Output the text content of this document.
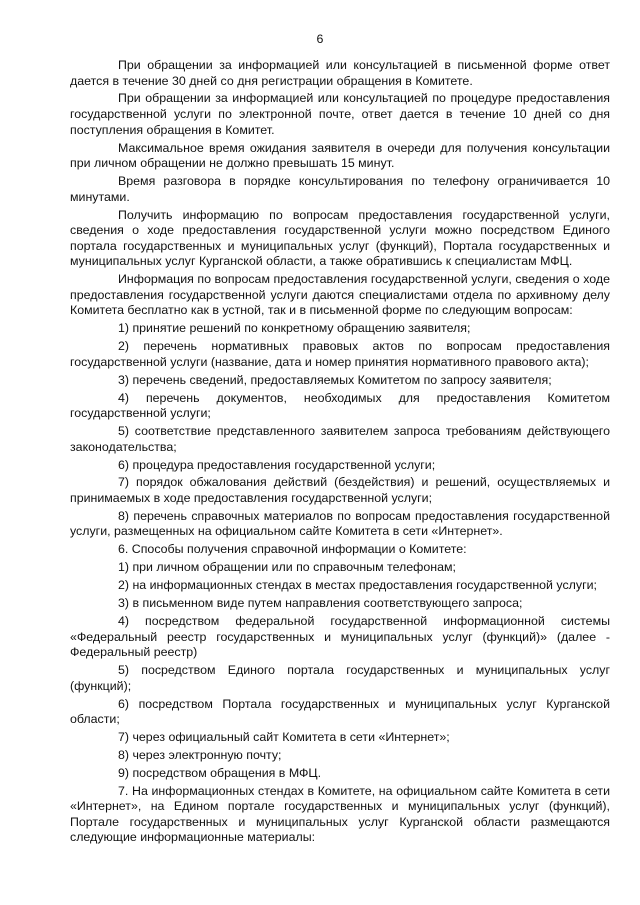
6

При обращении за информацией или консультацией в письменной форме ответ дается в течение 30 дней со дня регистрации обращения в Комитете.

При обращении за информацией или консультацией по процедуре предоставления государственной услуги по электронной почте, ответ дается в течение 10 дней со дня поступления обращения в Комитет.

Максимальное время ожидания заявителя в очереди для получения консультации при личном обращении не должно превышать 15 минут.

Время разговора в порядке консультирования по телефону ограничивается 10 минутами.

Получить информацию по вопросам предоставления государственной услуги, сведения о ходе предоставления государственной услуги можно посредством Единого портала государственных и муниципальных услуг (функций), Портала государственных и муниципальных услуг Курганской области, а также обратившись к специалистам МФЦ.

Информация по вопросам предоставления государственной услуги, сведения о ходе предоставления государственной услуги даются специалистами отдела по архивному делу Комитета бесплатно как в устной, так и в письменной форме по следующим вопросам:

1) принятие решений по конкретному обращению заявителя;

2) перечень нормативных правовых актов по вопросам предоставления государственной услуги (название, дата и номер принятия нормативного правового акта);

3) перечень сведений, предоставляемых Комитетом по запросу заявителя;

4) перечень документов, необходимых для предоставления Комитетом государственной услуги;

5) соответствие представленного заявителем запроса требованиям действующего законодательства;

6) процедура предоставления государственной услуги;

7) порядок обжалования действий (бездействия) и решений, осуществляемых и принимаемых в ходе предоставления государственной услуги;

8) перечень справочных материалов по вопросам предоставления государственной услуги, размещенных на официальном сайте Комитета в сети «Интернет».

6. Способы получения справочной информации о Комитете:

1) при личном обращении или по справочным телефонам;

2) на информационных стендах в местах предоставления государственной услуги;

3) в письменном виде путем направления соответствующего запроса;

4) посредством федеральной государственной информационной системы «Федеральный реестр государственных и муниципальных услуг (функций)» (далее - Федеральный реестр)

5) посредством Единого портала государственных и муниципальных услуг (функций);

6) посредством Портала государственных и муниципальных услуг Курганской области;

7) через официальный сайт Комитета в сети «Интернет»;

8) через электронную почту;

9) посредством обращения в МФЦ.

7. На информационных стендах в Комитете, на официальном сайте Комитета в сети «Интернет», на Едином портале государственных и муниципальных услуг (функций), Портале государственных и муниципальных услуг Курганской области размещаются следующие информационные материалы:
